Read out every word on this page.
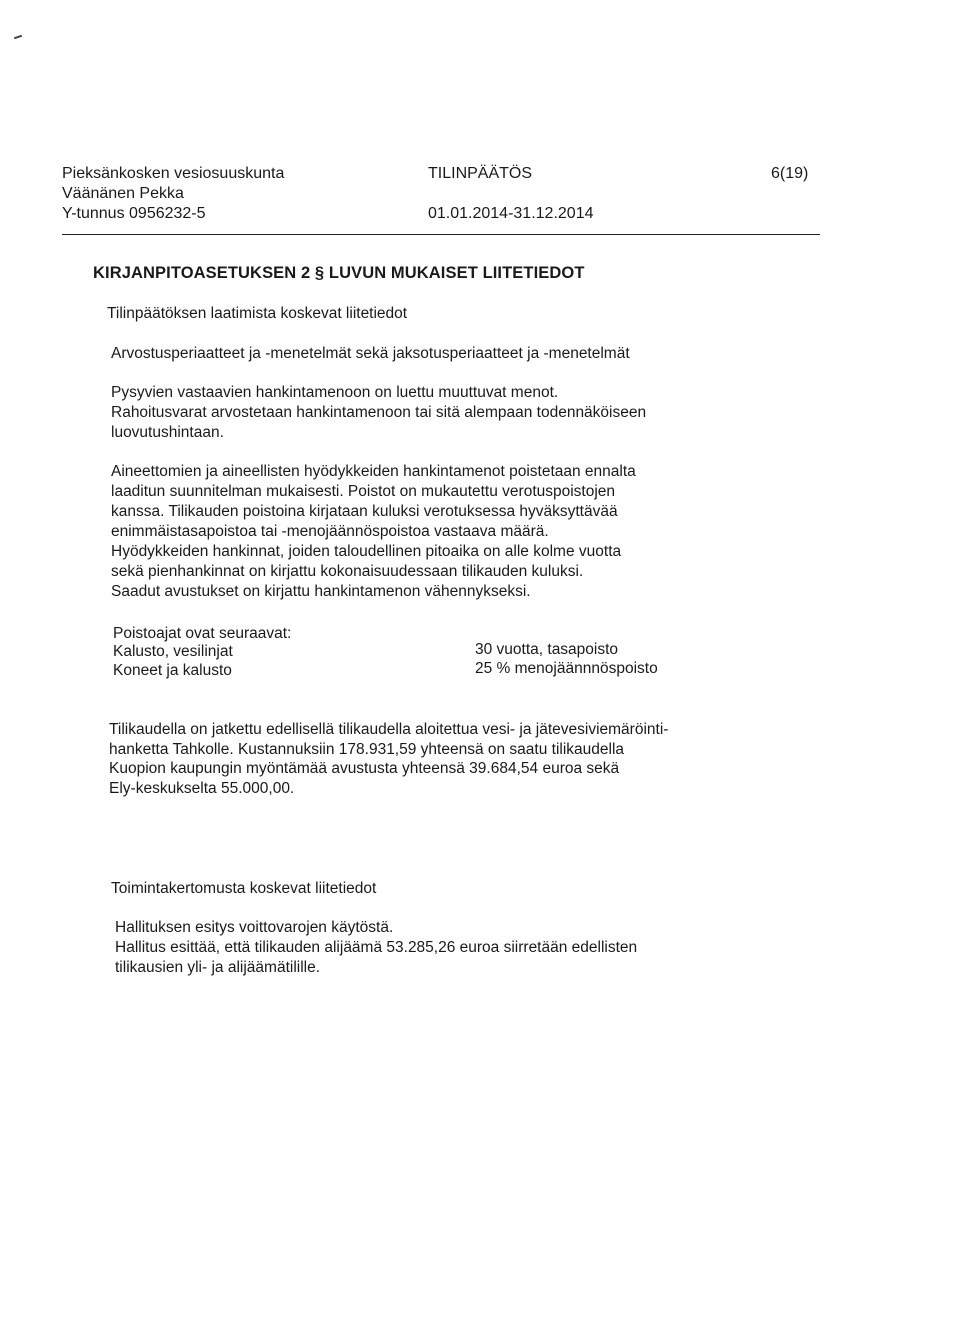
Pieksänkosken vesiosuuskunta
Väänänen Pekka
Y-tunnus 0956232-5
TILINPÄÄTÖS
01.01.2014-31.12.2014
6(19)
KIRJANPITOASETUKSEN 2 § LUVUN MUKAISET LIITETIEDOT
Tilinpäätöksen laatimista koskevat liitetiedot
Arvostusperiaatteet ja -menetelmät sekä jaksotusperiaatteet ja -menetelmät
Pysyvien vastaavien hankintamenoon on luettu muuttuvat menot.
Rahoitusvarat arvostetaan hankintamenoon tai sitä alempaan todennäköiseen
luovutushintaan.
Aineettomien ja aineellisten hyödykkeiden hankintamenot poistetaan ennalta
laaditun suunnitelman mukaisesti. Poistot on mukautettu verotuspoistojen
kanssa. Tilikauden poistoina kirjataan kuluksi verotuksessa hyväksyttävää
enimmäistasapoistoa tai -menojäännöspoistoa vastaava määrä.
Hyödykkeiden hankinnat, joiden taloudellinen pitoaika on alle kolme vuotta
sekä pienhankinnat on kirjattu kokonaisuudessaan tilikauden kuluksi.
Saadut avustukset on kirjattu hankintamenon vähennykseksi.
Poistoajat ovat seuraavat:
Kalusto, vesilinjat	30 vuotta, tasapoisto
Koneet ja kalusto	25 % menojäännnöspoisto
Tilikaudella on jatkettu edellisellä tilikaudella aloitettua vesi- ja jätevesiviemäröinti-
hanketta Tahkolle. Kustannuksiin 178.931,59 yhteensä on saatu tilikaudella
Kuopion kaupungin myöntämää avustusta yhteensä 39.684,54 euroa sekä
Ely-keskukselta 55.000,00.
Toimintakertomusta koskevat liitetiedot
Hallituksen esitys voittovarojen käytöstä.
Hallitus esittää, että tilikauden alijäämä 53.285,26 euroa siirretään edellisten
tilikausien yli- ja alijäämätilille.
